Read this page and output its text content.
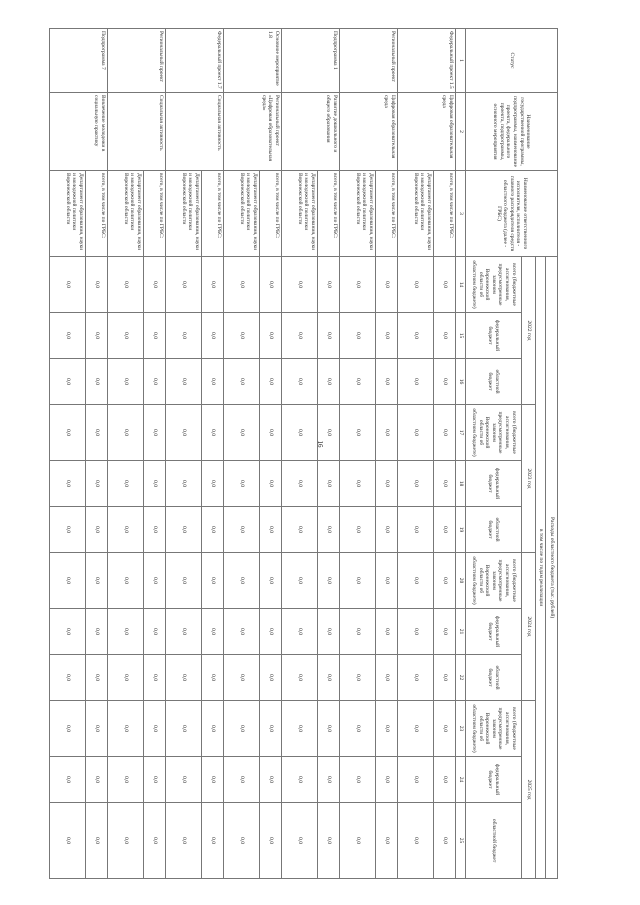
16
Статус	Наименование государственной программы, подпрограммы, наименование проекта, федерального проекта, подпрограммы, основного мероприятия	Наименование ответственного исполнителя, исполнителя - главного распорядителя средств областного бюджета (далее - ГРБС)	Расходы областного бюджета (тыс. рублей)											
			в том числе по годам реализации											
			2022 год			2023 год			2024 год			2025 год		
			всего (бюджетные ассигнования, предусмотренные законом Воронежской области об областном бюджете)	федеральный бюджет	областной бюджет	всего (бюджетные ассигнования, предусмотренные законом Воронежской области об областном бюджете)	федеральный бюджет	областной бюджет	всего (бюджетные ассигнования, предусмотренные законом Воронежской области об областном бюджете)	федеральный бюджет	областной бюджет	всего (бюджетные ассигнования, предусмотренные законом Воронежской области об областном бюджете)	федеральный бюджет	областной бюджет
1	2	3	14	15	16	17	18	19	20	21	22	23	24	25
Федеральный проект 1.5	Цифровая образовательная среда	всего, в том числе по ГРБС:	0,0	0,0	0,0	0,0	0,0	0,0	0,0	0,0	0,0	0,0	0,0	0,0
		Департамент образования, науки и молодежной политики Воронежской области	0,0	0,0	0,0	0,0	0,0	0,0	0,0	0,0	0,0	0,0	0,0	0,0
Региональный проект	Цифровая образовательная среда	всего, в том числе по ГРБС:	0,0	0,0	0,0	0,0	0,0	0,0	0,0	0,0	0,0	0,0	0,0	0,0
		Департамент образования, науки и молодежной политики Воронежской области	0,0	0,0	0,0	0,0	0,0	0,0	0,0	0,0	0,0	0,0	0,0	0,0
Подпрограмма 1	Развитие дошкольного и общего образования	всего, в том числе по ГРБС:	0,0	0,0	0,0	0,0	0,0	0,0	0,0	0,0	0,0	0,0	0,0	0,0
		Департамент образования, науки и молодежной политики Воронежской области	0,0	0,0	0,0	0,0	0,0	0,0	0,0	0,0	0,0	0,0	0,0	0,0
Основное мероприятие 1.8	Региональный проект «Цифровая образовательная среда»	всего, в том числе по ГРБС:	0,0	0,0	0,0	0,0	0,0	0,0	0,0	0,0	0,0	0,0	0,0	0,0
		Департамент образования, науки и молодежной политики Воронежской области	0,0	0,0	0,0	0,0	0,0	0,0	0,0	0,0	0,0	0,0	0,0	0,0
Федеральный проект 1.7	Социальная активность	всего, в том числе по ГРБС:	0,0	0,0	0,0	0,0	0,0	0,0	0,0	0,0	0,0	0,0	0,0	0,0
		Департамент образования, науки и молодежной политики Воронежской области	0,0	0,0	0,0	0,0	0,0	0,0	0,0	0,0	0,0	0,0	0,0	0,0
Региональный проект	Социальная активность	всего, в том числе по ГРБС:	0,0	0,0	0,0	0,0	0,0	0,0	0,0	0,0	0,0	0,0	0,0	0,0
		Департамент образования, науки и молодежной политики Воронежской области	0,0	0,0	0,0	0,0	0,0	0,0	0,0	0,0	0,0	0,0	0,0	0,0
Подпрограмма 7	Вовлечение молодежи в социальную практику	всего, в том числе по ГРБС:	0,0	0,0	0,0	0,0	0,0	0,0	0,0	0,0	0,0	0,0	0,0	0,0
		Департамент образования, науки и молодежной политики Воронежской области	0,0	0,0	0,0	0,0	0,0	0,0	0,0	0,0	0,0	0,0	0,0	0,0
